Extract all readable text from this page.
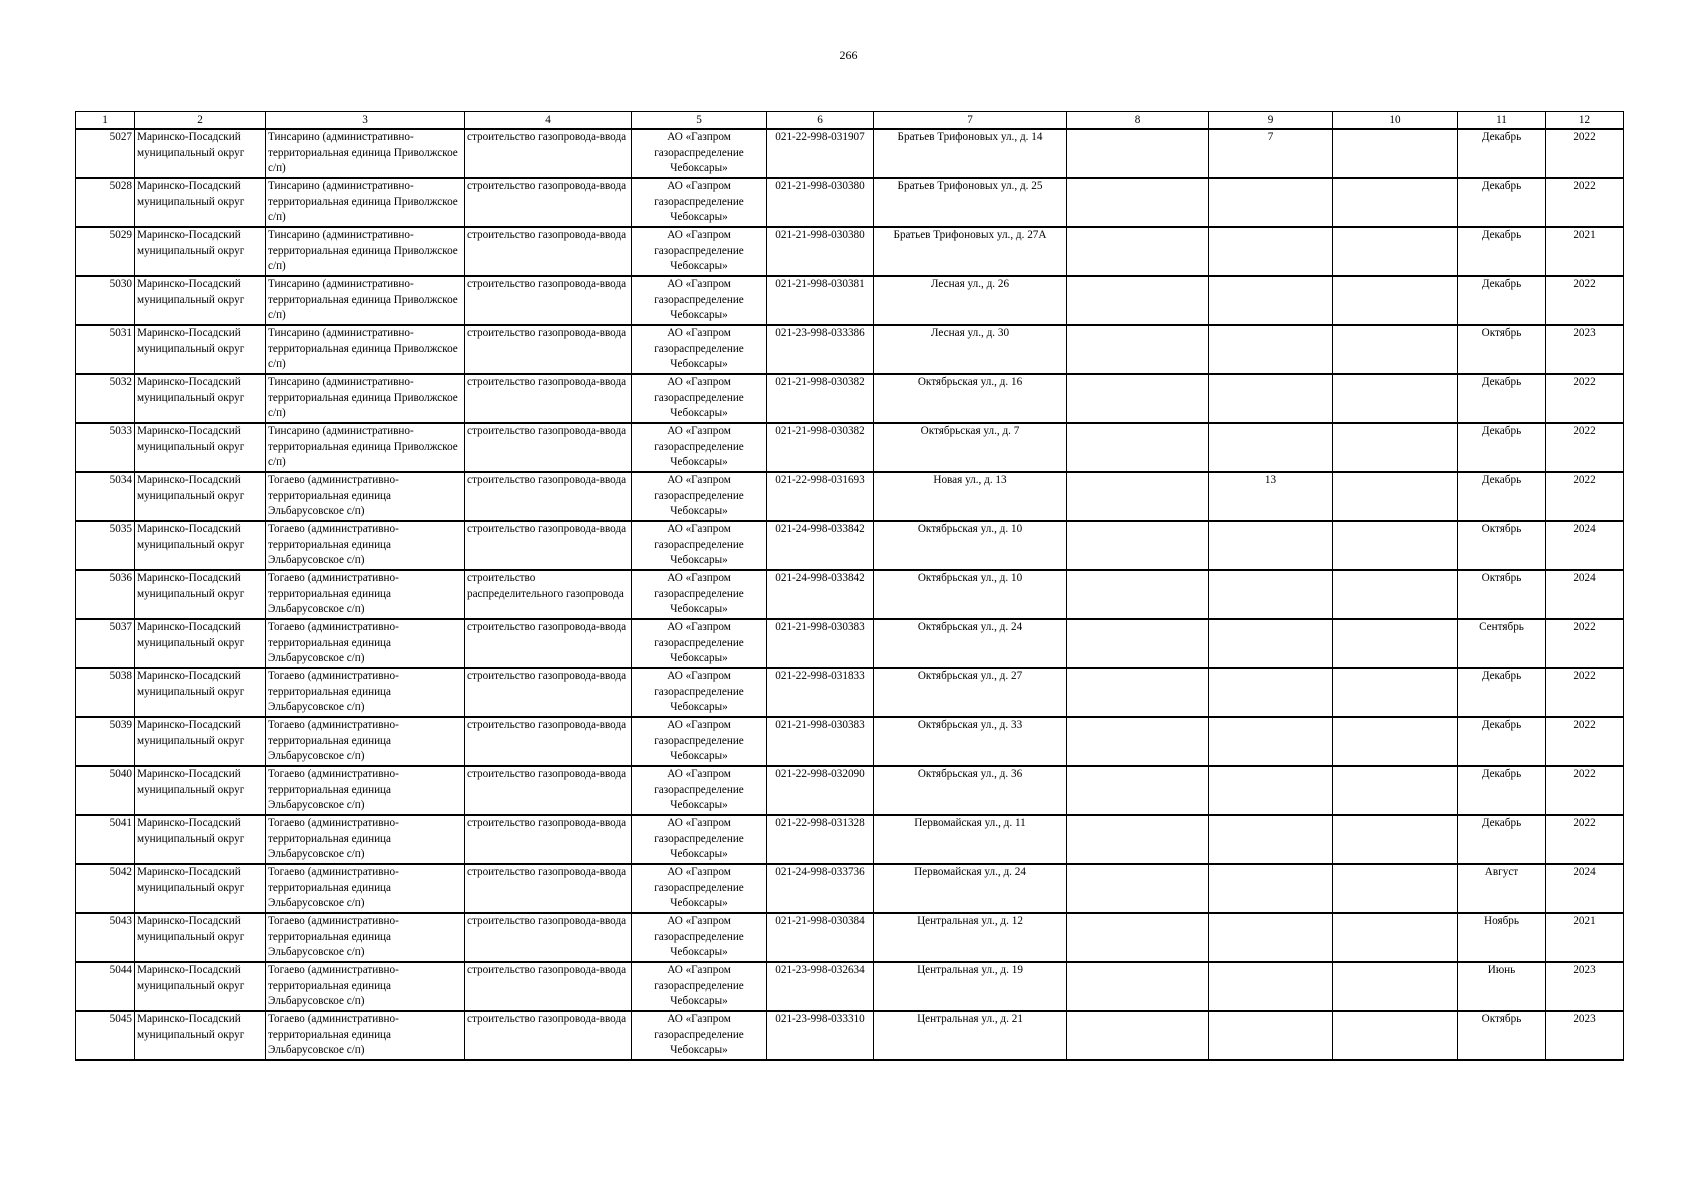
266
1	2	3	4	5	6	7	8	9	10	11	12
5027	Маринско-Посадский муниципальный округ	Тинсарино (административно-территориальная единица Приволжское с/п)	строительство газопровода-ввода	АО «Газпром газораспределение Чебоксары»	021-22-998-031907	Братьев Трифоновых ул., д. 14		7		Декабрь	2022
5028	Маринско-Посадский муниципальный округ	Тинсарино (административно-территориальная единица Приволжское с/п)	строительство газопровода-ввода	АО «Газпром газораспределение Чебоксары»	021-21-998-030380	Братьев Трифоновых ул., д. 25				Декабрь	2022
5029	Маринско-Посадский муниципальный округ	Тинсарино (административно-территориальная единица Приволжское с/п)	строительство газопровода-ввода	АО «Газпром газораспределение Чебоксары»	021-21-998-030380	Братьев Трифоновых ул., д. 27А				Декабрь	2021
5030	Маринско-Посадский муниципальный округ	Тинсарино (административно-территориальная единица Приволжское с/п)	строительство газопровода-ввода	АО «Газпром газораспределение Чебоксары»	021-21-998-030381	Лесная ул., д. 26				Декабрь	2022
5031	Маринско-Посадский муниципальный округ	Тинсарино (административно-территориальная единица Приволжское с/п)	строительство газопровода-ввода	АО «Газпром газораспределение Чебоксары»	021-23-998-033386	Лесная ул., д. 30				Октябрь	2023
5032	Маринско-Посадский муниципальный округ	Тинсарино (административно-территориальная единица Приволжское с/п)	строительство газопровода-ввода	АО «Газпром газораспределение Чебоксары»	021-21-998-030382	Октябрьская ул., д. 16				Декабрь	2022
5033	Маринско-Посадский муниципальный округ	Тинсарино (административно-территориальная единица Приволжское с/п)	строительство газопровода-ввода	АО «Газпром газораспределение Чебоксары»	021-21-998-030382	Октябрьская ул., д. 7				Декабрь	2022
5034	Маринско-Посадский муниципальный округ	Тогаево (административно-территориальная единица Эльбарусовское с/п)	строительство газопровода-ввода	АО «Газпром газораспределение Чебоксары»	021-22-998-031693	Новая ул., д. 13		13		Декабрь	2022
5035	Маринско-Посадский муниципальный округ	Тогаево (административно-территориальная единица Эльбарусовское с/п)	строительство газопровода-ввода	АО «Газпром газораспределение Чебоксары»	021-24-998-033842	Октябрьская ул., д. 10				Октябрь	2024
5036	Маринско-Посадский муниципальный округ	Тогаево (административно-территориальная единица Эльбарусовское с/п)	строительство распределительного газопровода	АО «Газпром газораспределение Чебоксары»	021-24-998-033842	Октябрьская ул., д. 10				Октябрь	2024
5037	Маринско-Посадский муниципальный округ	Тогаево (административно-территориальная единица Эльбарусовское с/п)	строительство газопровода-ввода	АО «Газпром газораспределение Чебоксары»	021-21-998-030383	Октябрьская ул., д. 24				Сентябрь	2022
5038	Маринско-Посадский муниципальный округ	Тогаево (административно-территориальная единица Эльбарусовское с/п)	строительство газопровода-ввода	АО «Газпром газораспределение Чебоксары»	021-22-998-031833	Октябрьская ул., д. 27				Декабрь	2022
5039	Маринско-Посадский муниципальный округ	Тогаево (административно-территориальная единица Эльбарусовское с/п)	строительство газопровода-ввода	АО «Газпром газораспределение Чебоксары»	021-21-998-030383	Октябрьская ул., д. 33				Декабрь	2022
5040	Маринско-Посадский муниципальный округ	Тогаево (административно-территориальная единица Эльбарусовское с/п)	строительство газопровода-ввода	АО «Газпром газораспределение Чебоксары»	021-22-998-032090	Октябрьская ул., д. 36				Декабрь	2022
5041	Маринско-Посадский муниципальный округ	Тогаево (административно-территориальная единица Эльбарусовское с/п)	строительство газопровода-ввода	АО «Газпром газораспределение Чебоксары»	021-22-998-031328	Первомайская ул., д. 11				Декабрь	2022
5042	Маринско-Посадский муниципальный округ	Тогаево (административно-территориальная единица Эльбарусовское с/п)	строительство газопровода-ввода	АО «Газпром газораспределение Чебоксары»	021-24-998-033736	Первомайская ул., д. 24				Август	2024
5043	Маринско-Посадский муниципальный округ	Тогаево (административно-территориальная единица Эльбарусовское с/п)	строительство газопровода-ввода	АО «Газпром газораспределение Чебоксары»	021-21-998-030384	Центральная ул., д. 12				Ноябрь	2021
5044	Маринско-Посадский муниципальный округ	Тогаево (административно-территориальная единица Эльбарусовское с/п)	строительство газопровода-ввода	АО «Газпром газораспределение Чебоксары»	021-23-998-032634	Центральная ул., д. 19				Июнь	2023
5045	Маринско-Посадский муниципальный округ	Тогаево (административно-территориальная единица Эльбарусовское с/п)	строительство газопровода-ввода	АО «Газпром газораспределение Чебоксары»	021-23-998-033310	Центральная ул., д. 21				Октябрь	2023
